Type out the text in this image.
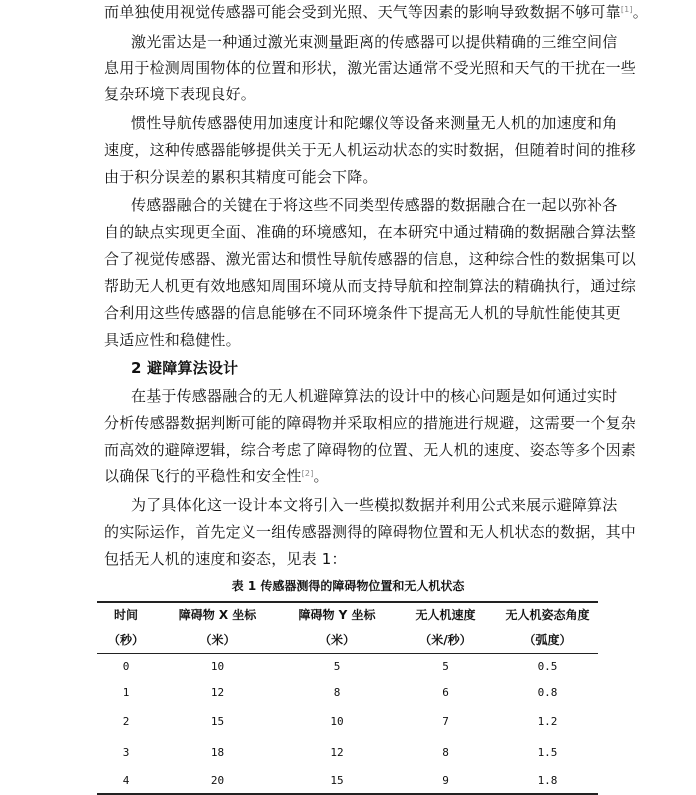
而单独使用视觉传感器可能会受到光照、天气等因素的影响导致数据不够可靠[1]。
激光雷达是一种通过激光束测量距离的传感器可以提供精确的三维空间信
息用于检测周围物体的位置和形状，激光雷达通常不受光照和天气的干扰在一些
复杂环境下表现良好。
惯性导航传感器使用加速度计和陀螺仪等设备来测量无人机的加速度和角
速度，这种传感器能够提供关于无人机运动状态的实时数据，但随着时间的推移
由于积分误差的累积其精度可能会下降。
传感器融合的关键在于将这些不同类型传感器的数据融合在一起以弥补各
自的缺点实现更全面、准确的环境感知，在本研究中通过精确的数据融合算法整
合了视觉传感器、激光雷达和惯性导航传感器的信息，这种综合性的数据集可以
帮助无人机更有效地感知周围环境从而支持导航和控制算法的精确执行，通过综
合利用这些传感器的信息能够在不同环境条件下提高无人机的导航性能使其更
具适应性和稳健性。
2 避障算法设计
在基于传感器融合的无人机避障算法的设计中的核心问题是如何通过实时
分析传感器数据判断可能的障碍物并采取相应的措施进行规避，这需要一个复杂
而高效的避障逻辑，综合考虑了障碍物的位置、无人机的速度、姿态等多个因素
以确保飞行的平稳性和安全性[2]。
为了具体化这一设计本文将引入一些模拟数据并利用公式来展示避障算法
的实际运作，首先定义一组传感器测得的障碍物位置和无人机状态的数据，其中
包括无人机的速度和姿态，见表 1：
表 1 传感器测得的障碍物位置和无人机状态
时间	障碍物 X 坐标	障碍物 Y 坐标	无人机速度	无人机姿态角度
（秒）	（米）	（米）	（米/秒）	（弧度）
0	10	5	5	0.5
1	12	8	6	0.8
2	15	10	7	1.2
3	18	12	8	1.5
4	20	15	9	1.8
